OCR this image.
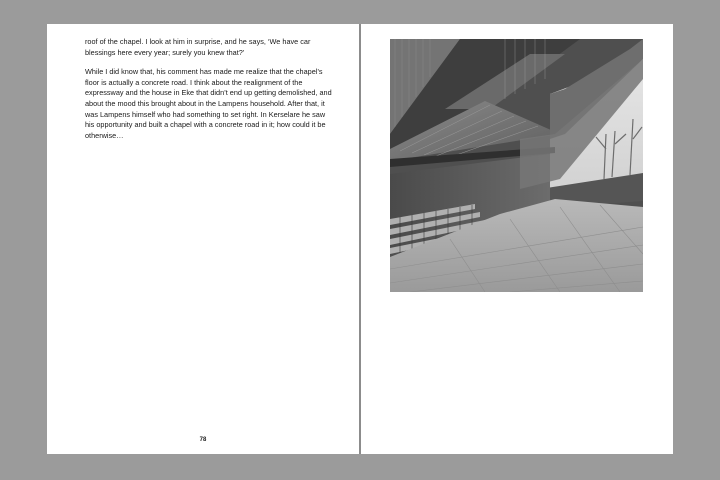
roof of the chapel. I look at him in surprise, and he says, ‘We have car blessings here every year; surely you knew that?’

While I did know that, his comment has made me realize that the chapel’s floor is actually a concrete road. I think about the realignment of the expressway and the house in Eke that didn’t end up getting demolished, and about the mood this brought about in the Lampens household. After that, it was Lampens himself who had something to set right. In Kerselare he saw his opportunity and built a chapel with a concrete road in it; how could it be otherwise…

78
